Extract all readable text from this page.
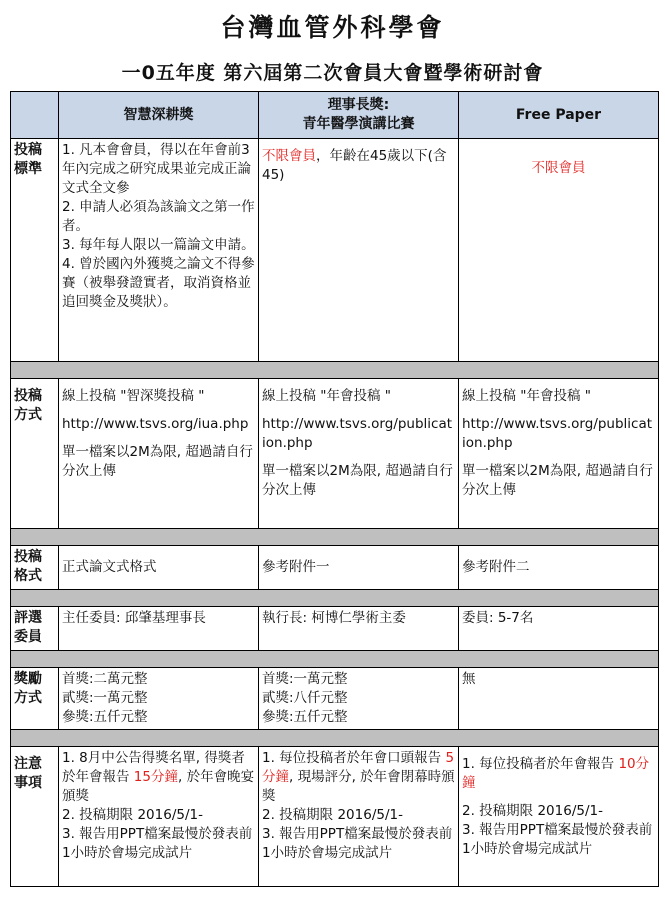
台灣血管外科學會
一0五年度 第六屆第二次會員大會暨學術研討會
	智慧深耕獎	理事長獎:
青年醫學演講比賽	Free Paper
投稿
標準	1. 凡本會會員，得以在年會前3年內完成之研究成果並完成正論文式全文參
2. 申請人必須為該論文之第一作者。
3. 每年每人限以一篇論文申請。
4. 曾於國內外獲獎之論文不得參賽（被舉發證實者，取消資格並追回獎金及獎狀）。	不限會員，年齡在45歲以下(含45)	不限會員

投稿
方式	線上投稿 "智深獎投稿 "
http://www.tsvs.org/iua.php
單一檔案以2M為限, 超過請自行分次上傳	線上投稿 "年會投稿 "
http://www.tsvs.org/publication.php
單一檔案以2M為限, 超過請自行分次上傳	線上投稿 "年會投稿 "
http://www.tsvs.org/publication.php
單一檔案以2M為限, 超過請自行分次上傳

投稿
格式	正式論文式格式	參考附件一	參考附件二

評選
委員	主任委員: 邱肇基理事長	執行長: 柯博仁學術主委	委員: 5-7名

獎勵
方式	首獎:二萬元整
貳獎:一萬元整
參獎:五仟元整	首獎:一萬元整
貳獎:八仟元整
參獎:五仟元整	無

注意
事項	1. 8月中公告得獎名單, 得獎者於年會報告 15分鐘, 於年會晚宴頒獎
2. 投稿期限 2016/5/1-
3. 報告用PPT檔案最慢於發表前1小時於會場完成試片	1. 每位投稿者於年會口頭報告 5分鐘, 現場評分, 於年會閉幕時頒獎
2. 投稿期限 2016/5/1-
3. 報告用PPT檔案最慢於發表前1小時於會場完成試片	1. 每位投稿者於年會報告 10分鐘
2. 投稿期限 2016/5/1-
3. 報告用PPT檔案最慢於發表前1小時於會場完成試片
